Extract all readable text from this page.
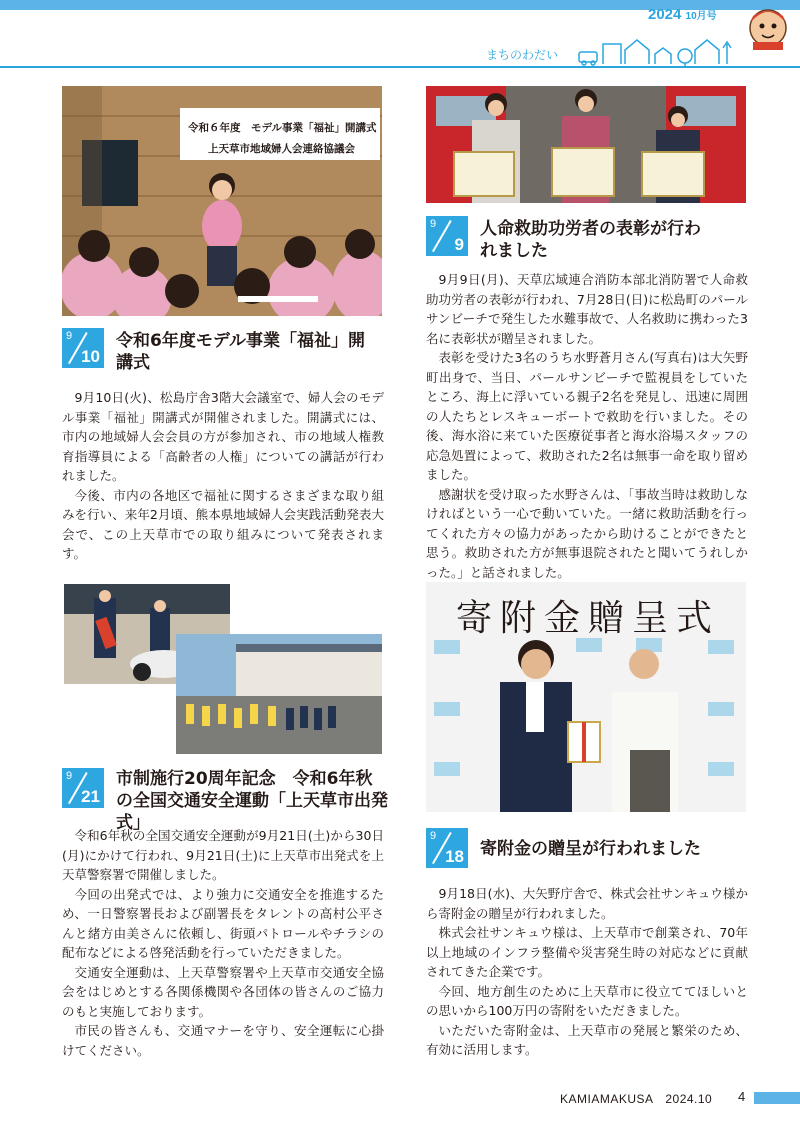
2024 10月号
まちのわだい
令和６年度　モデル事業「福祉」開講式
上天草市地域婦人会連絡協議会
9
10
令和6年度モデル事業「福祉」開講式

9月10日(火)、松島庁舎3階大会議室で、婦人会のモデル事業「福祉」開講式が開催されました。開講式には、市内の地域婦人会会員の方が参加され、市の地域人権教育指導員による「高齢者の人権」についての講話が行われました。

今後、市内の各地区で福祉に関するさまざまな取り組みを行い、来年2月頃、熊本県地域婦人会実践活動発表大会で、この上天草市での取り組みについて発表されます。

9
9
人命救助功労者の表彰が行われました

9月9日(月)、天草広域連合消防本部北消防署で人命救助功労者の表彰が行われ、7月28日(日)に松島町のパールサンビーチで発生した水難事故で、人名救助に携わった3名に表彰状が贈呈されました。

表彰を受けた3名のうち水野蒼月さん(写真右)は大矢野町出身で、当日、パールサンビーチで監視員をしていたところ、海上に浮いている親子2名を発見し、迅速に周囲の人たちとレスキューボートで救助を行いました。その後、海水浴に来ていた医療従事者と海水浴場スタッフの応急処置によって、救助された2名は無事一命を取り留めました。

感謝状を受け取った水野さんは、「事故当時は救助しなければという一心で動いていた。一緒に救助活動を行ってくれた方々の協力があったから助けることができたと思う。救助された方が無事退院されたと聞いてうれしかった。」と話されました。

9
21
市制施行20周年記念　令和6年秋の全国交通安全運動「上天草市出発式」

令和6年秋の全国交通安全運動が9月21日(土)から30日(月)にかけて行われ、9月21日(土)に上天草市出発式を上天草警察署で開催しました。

今回の出発式では、より強力に交通安全を推進するため、一日警察署長および副署長をタレントの高村公平さんと緒方由美さんに依頼し、街頭パトロールやチラシの配布などによる啓発活動を行っていただきました。

交通安全運動は、上天草警察署や上天草市交通安全協会をはじめとする各関係機関や各団体の皆さんのご協力のもと実施しております。

市民の皆さんも、交通マナーを守り、安全運転に心掛けてください。

寄附金贈呈式
9
18 寄附金の贈呈が行われました

9月18日(水)、大矢野庁舎で、株式会社サンキュウ様から寄附金の贈呈が行われました。

株式会社サンキュウ様は、上天草市で創業され、70年以上地域のインフラ整備や災害発生時の対応などに貢献されてきた企業です。

今回、地方創生のために上天草市に役立ててほしいとの思いから100万円の寄附をいただきました。

いただいた寄附金は、上天草市の発展と繁栄のため、有効に活用します。

KAMIAMAKUSA　2024.10 4
